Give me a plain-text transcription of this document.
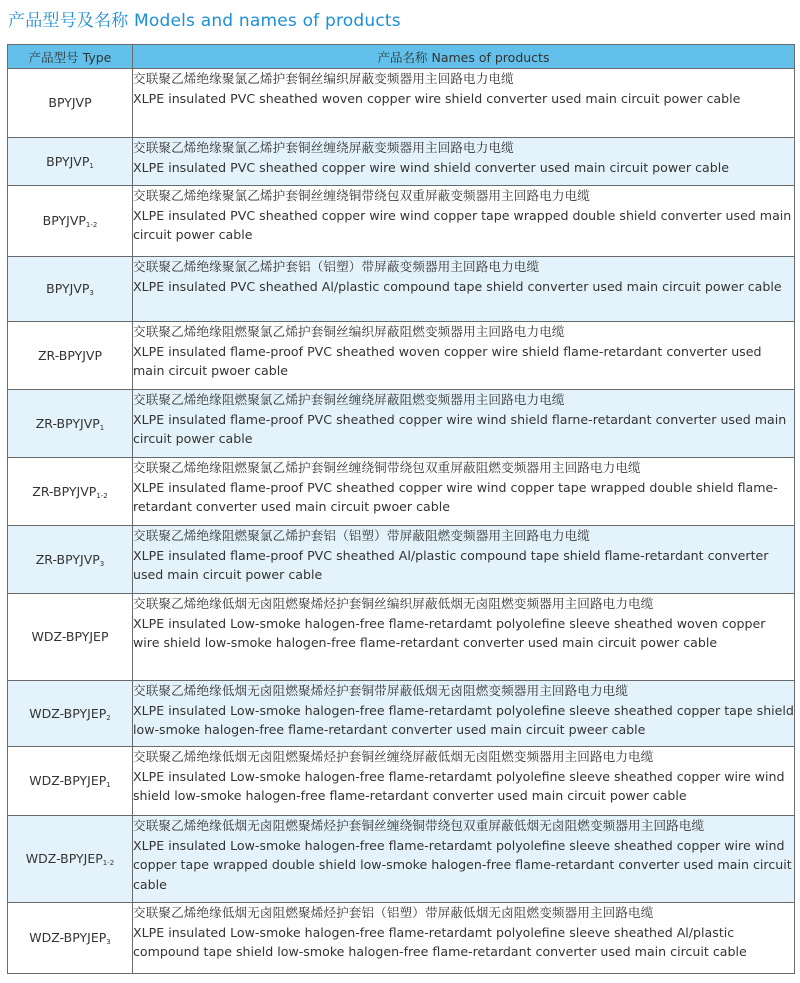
产品型号及名称 Models and names of products
产品型号 Type	产品名称 Names of products
BPYJVP	交联聚乙烯绝缘聚氯乙烯护套铜丝编织屏蔽变频器用主回路电力电缆
XLPE insulated PVC sheathed woven copper wire shield converter used main circuit power cable

$BPYJVP_1$	交联聚乙烯绝缘聚氯乙烯护套铜丝缠绕屏蔽变频器用主回路电力电缆
XLPE insulated PVC sheathed copper wire wind shield converter used main circuit power cable

$BPYJVP_{1-2}$	交联聚乙烯绝缘聚氯乙烯护套铜丝缠绕铜带绕包双重屏蔽变频器用主回路电力电缆
XLPE insulated PVC sheathed copper wire wind copper tape wrapped double shield converter used main circuit power cable

$BPYJVP_3$	交联聚乙烯绝缘聚氯乙烯护套铝（铝塑）带屏蔽变频器用主回路电力电缆
XLPE insulated PVC sheathed Al/plastic compound tape shield converter used main circuit power cable

ZR-BPYJVP	交联聚乙烯绝缘阻燃聚氯乙烯护套铜丝编织屏蔽阻燃变频器用主回路电力电缆
XLPE insulated flame-proof PVC sheathed woven copper wire shield flame-retardant converter used main circuit pwoer cable

$ZR-BPYJVP_1$	交联聚乙烯绝缘阻燃聚氯乙烯护套铜丝缠绕屏蔽阻燃变频器用主回路电力电缆
XLPE insulated flame-proof PVC sheathed copper wire wind shield flarne-retardant converter used main circuit power cable

$ZR-BPYJVP_{1-2}$	交联聚乙烯绝缘阻燃聚氯乙烯护套铜丝缠绕铜带绕包双重屏蔽阻燃变频器用主回路电力电缆
XLPE insulated flame-proof PVC sheathed copper wire wind copper tape wrapped double shield flame-retardant converter used main circuit pwoer cable

$ZR-BPYJVP_3$	交联聚乙烯绝缘阻燃聚氯乙烯护套铝（铝塑）带屏蔽阻燃变频器用主回路电力电缆
XLPE insulated flame-proof PVC sheathed Al/plastic compound tape shield flame-retardant converter used main circuit power cable

WDZ-BPYJEP	交联聚乙烯绝缘低烟无卤阻燃聚烯烃护套铜丝编织屏蔽低烟无卤阻燃变频器用主回路电力电缆
XLPE insulated Low-smoke halogen-free flame-retardamt polyolefine sleeve sheathed woven copper wire shield low-smoke halogen-free flame-retardant converter used main circuit power cable

WDZ-$BPYJEP_2$	交联聚乙烯绝缘低烟无卤阻燃聚烯烃护套铜带屏蔽低烟无卤阻燃变频器用主回路电力电缆
XLPE insulated Low-smoke halogen-free flame-retardamt polyolefine sleeve sheathed copper tape shield low-smoke halogen-free flame-retardant converter used main circuit pweer cable

WDZ-$BPYJEP_1$	交联聚乙烯绝缘低烟无卤阻燃聚烯烃护套铜丝缠绕屏蔽低烟无卤阻燃变频器用主回路电力电缆
XLPE insulated Low-smoke halogen-free flame-retardamt polyolefine sleeve sheathed copper wire wind shield low-smoke halogen-free flame-retardant converter used main circuit power cable

WDZ-$BPYJEP_{1-2}$	交联聚乙烯绝缘低烟无卤阻燃聚烯烃护套铜丝缠绕铜带绕包双重屏蔽低烟无卤阻燃变频器用主回路电缆
XLPE insulated Low-smoke halogen-free flame-retardamt polyolefine sleeve sheathed copper wire wind copper tape wrapped double shield low-smoke halogen-free flame-retardant converter used main circuit cable

WDZ-$BPYJEP_3$	交联聚乙烯绝缘低烟无卤阻燃聚烯烃护套铝（铝塑）带屏蔽低烟无卤阻燃变频器用主回路电缆
XLPE insulated Low-smoke halogen-free flame-retardamt polyolefine sleeve sheathed Al/plastic compound tape shield low-smoke halogen-free flame-retardant converter used main circuit cable
